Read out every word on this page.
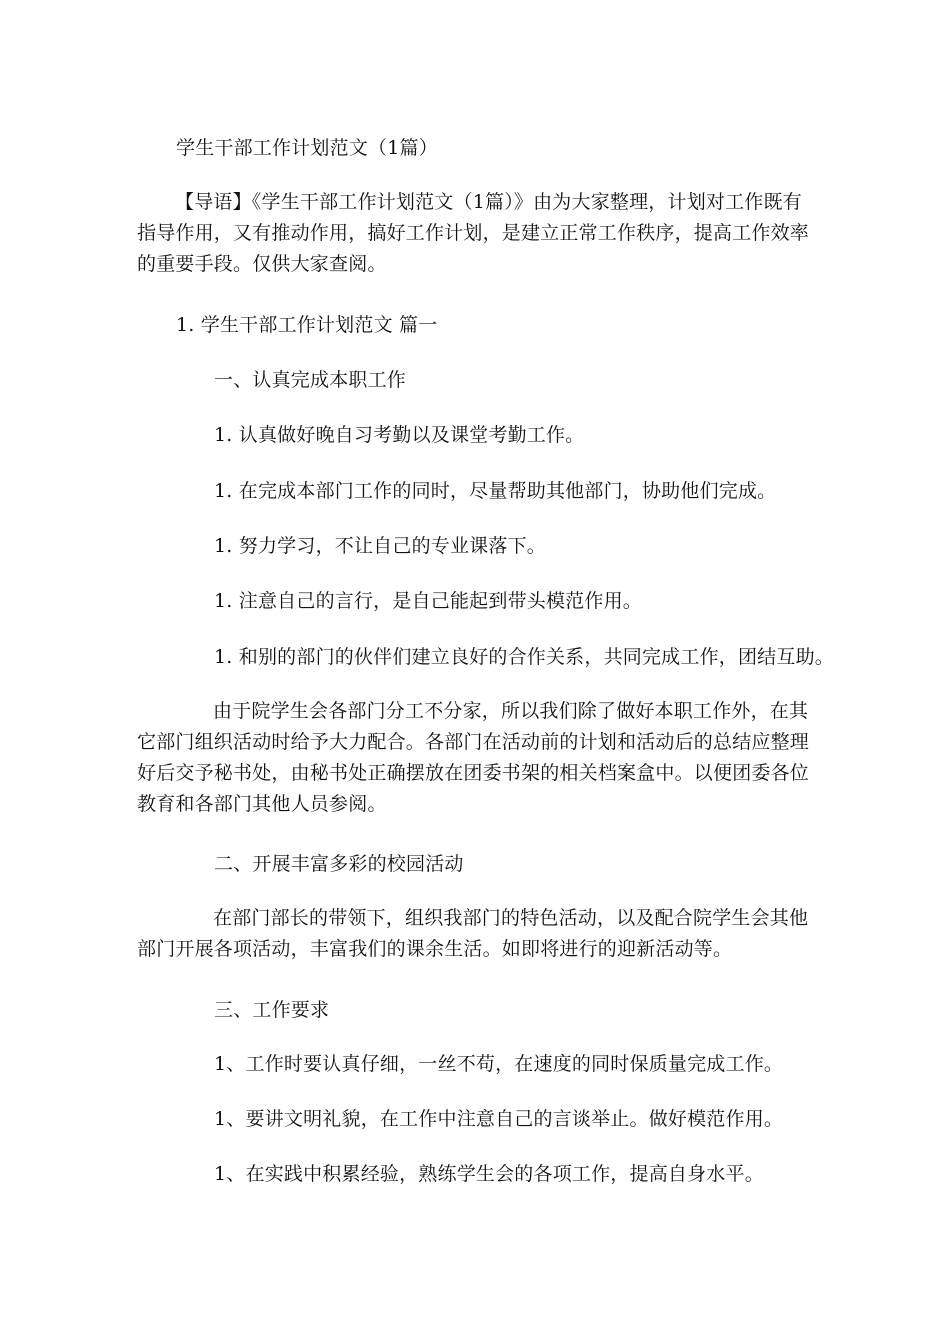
学生干部工作计划范文（1篇）
【导语】《学生干部工作计划范文（1篇）》由为大家整理，计划对工作既有指导作用，又有推动作用，搞好工作计划，是建立正常工作秩序，提高工作效率的重要手段。仅供大家查阅。
1. 学生干部工作计划范文 篇一
一、认真完成本职工作
1. 认真做好晚自习考勤以及课堂考勤工作。
1. 在完成本部门工作的同时，尽量帮助其他部门，协助他们完成。
1. 努力学习，不让自己的专业课落下。
1. 注意自己的言行，是自己能起到带头模范作用。
1. 和别的部门的伙伴们建立良好的合作关系，共同完成工作，团结互助。
由于院学生会各部门分工不分家，所以我们除了做好本职工作外，在其它部门组织活动时给予大力配合。各部门在活动前的计划和活动后的总结应整理好后交予秘书处，由秘书处正确摆放在团委书架的相关档案盒中。以便团委各位教育和各部门其他人员参阅。
二、开展丰富多彩的校园活动
在部门部长的带领下，组织我部门的特色活动，以及配合院学生会其他部门开展各项活动，丰富我们的课余生活。如即将进行的迎新活动等。
三、工作要求
1、工作时要认真仔细，一丝不苟，在速度的同时保质量完成工作。
1、要讲文明礼貌，在工作中注意自己的言谈举止。做好模范作用。
1、在实践中积累经验，熟练学生会的各项工作，提高自身水平。
